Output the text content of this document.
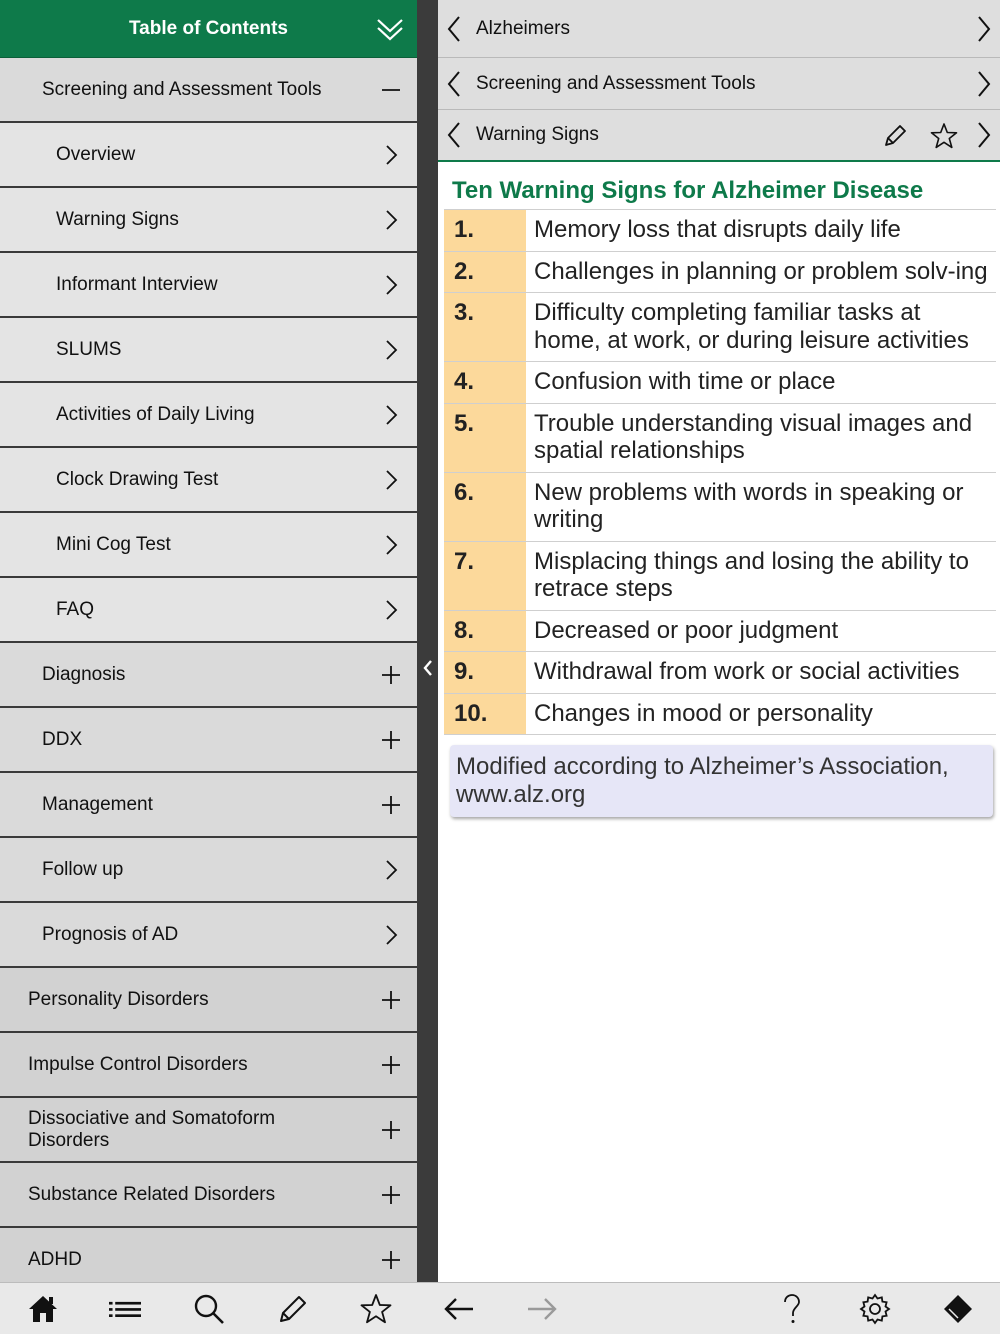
Table of Contents
Screening and Assessment Tools
Overview
Warning Signs
Informant Interview
SLUMS
Activities of Daily Living
Clock Drawing Test
Mini Cog Test
FAQ
Diagnosis
DDX
Management
Follow up
Prognosis of AD
Personality Disorders
Impulse Control Disorders
Dissociative and Somatoform Disorders
Substance Related Disorders
ADHD
Alzheimers
Screening and Assessment Tools
Warning Signs
Ten Warning Signs for Alzheimer Disease
1.	Memory loss that disrupts daily life
2.	Challenges in planning or problem solv-ing
3.	Difficulty completing familiar tasks at home, at work, or during leisure activities
4.	Confusion with time or place
5.	Trouble understanding visual images and spatial relationships
6.	New problems with words in speaking or writing
7.	Misplacing things and losing the ability to retrace steps
8.	Decreased or poor judgment
9.	Withdrawal from work or social activities
10.	Changes in mood or personality
Modified according to Alzheimer’s Association, www.alz.org
